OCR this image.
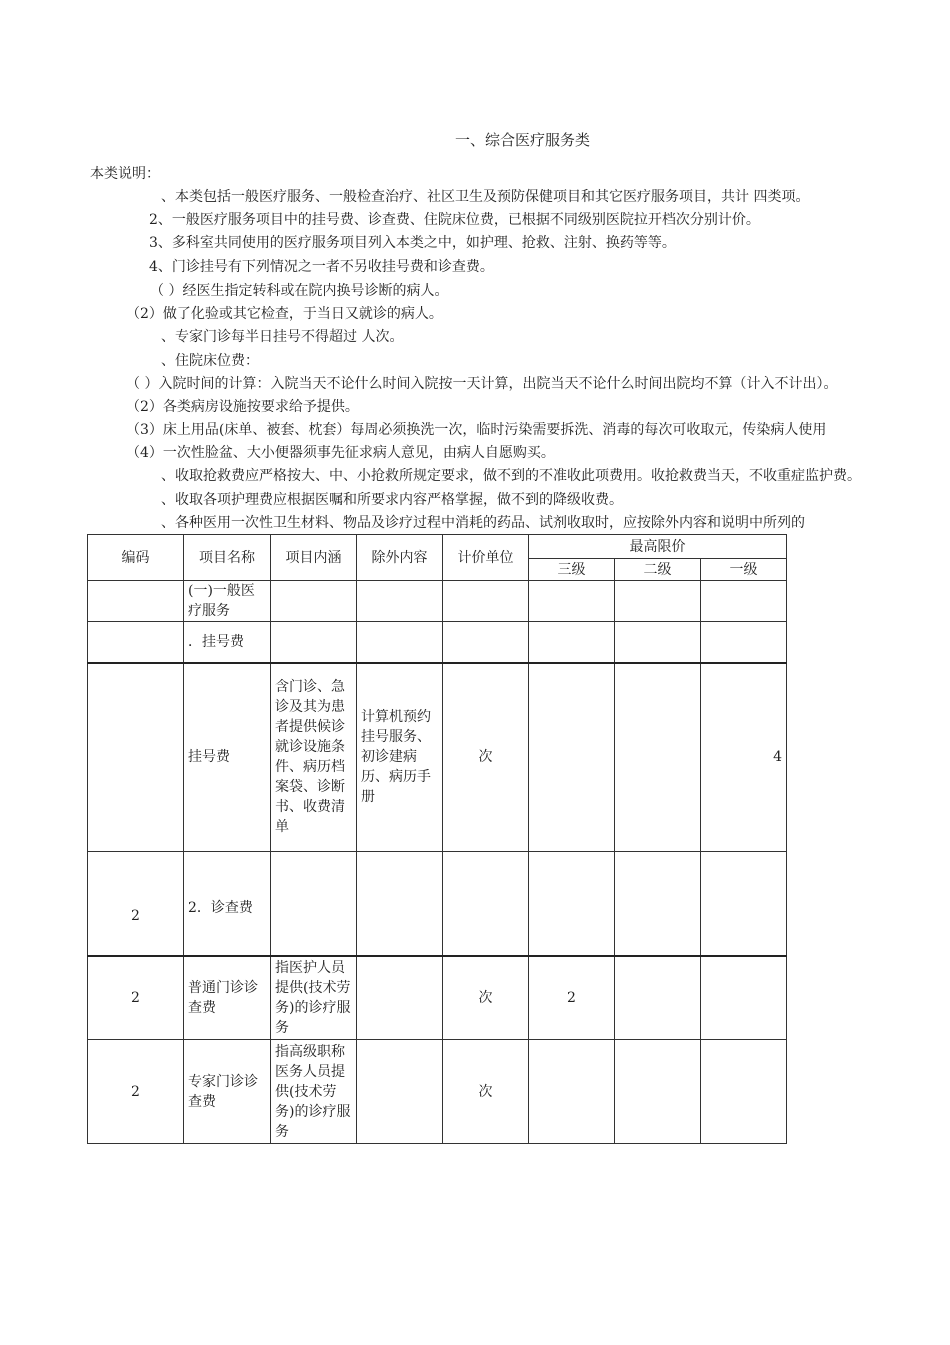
一、综合医疗服务类
本类说明：
、本类包括一般医疗服务、一般检查治疗、社区卫生及预防保健项目和其它医疗服务项目，共计 四类项。
2、一般医疗服务项目中的挂号费、诊查费、住院床位费，已根据不同级别医院拉开档次分别计价。
3、多科室共同使用的医疗服务项目列入本类之中，如护理、抢救、注射、换药等等。
4、门诊挂号有下列情况之一者不另收挂号费和诊查费。
（ ）经医生指定转科或在院内换号诊断的病人。
（2）做了化验或其它检查，于当日又就诊的病人。
、专家门诊每半日挂号不得超过 人次。
、住院床位费：
（ ）入院时间的计算：入院当天不论什么时间入院按一天计算，出院当天不论什么时间出院均不算（计入不计出）。
（2）各类病房设施按要求给予提供。
（3）床上用品(床单、被套、枕套）每周必须换洗一次，临时污染需要拆洗、消毒的每次可收取元，传染病人使用
（4）一次性脸盆、大小便器须事先征求病人意见，由病人自愿购买。
、收取抢救费应严格按大、中、小抢救所规定要求，做不到的不准收此项费用。收抢救费当天，不收重症监护费。
、收取各项护理费应根据医嘱和所要求内容严格掌握，做不到的降级收费。
、各种医用一次性卫生材料、物品及诊疗过程中消耗的药品、试剂收取时，应按除外内容和说明中所列的
编码	项目名称	项目内涵	除外内容	计价单位	最高限价		
					三级	二级	一级
	(一)一般医疗服务						
	．挂号费						
	挂号费	含门诊、急诊及其为患者提供候诊就诊设施条件、病历档案袋、诊断书、收费清单	计算机预约挂号服务、初诊建病历、病历手册	次			4
2	2．诊查费						
2	普通门诊诊查费	指医护人员提供(技术劳务)的诊疗服务		次	2		
2	专家门诊诊查费	指高级职称医务人员提供(技术劳务)的诊疗服务		次			
